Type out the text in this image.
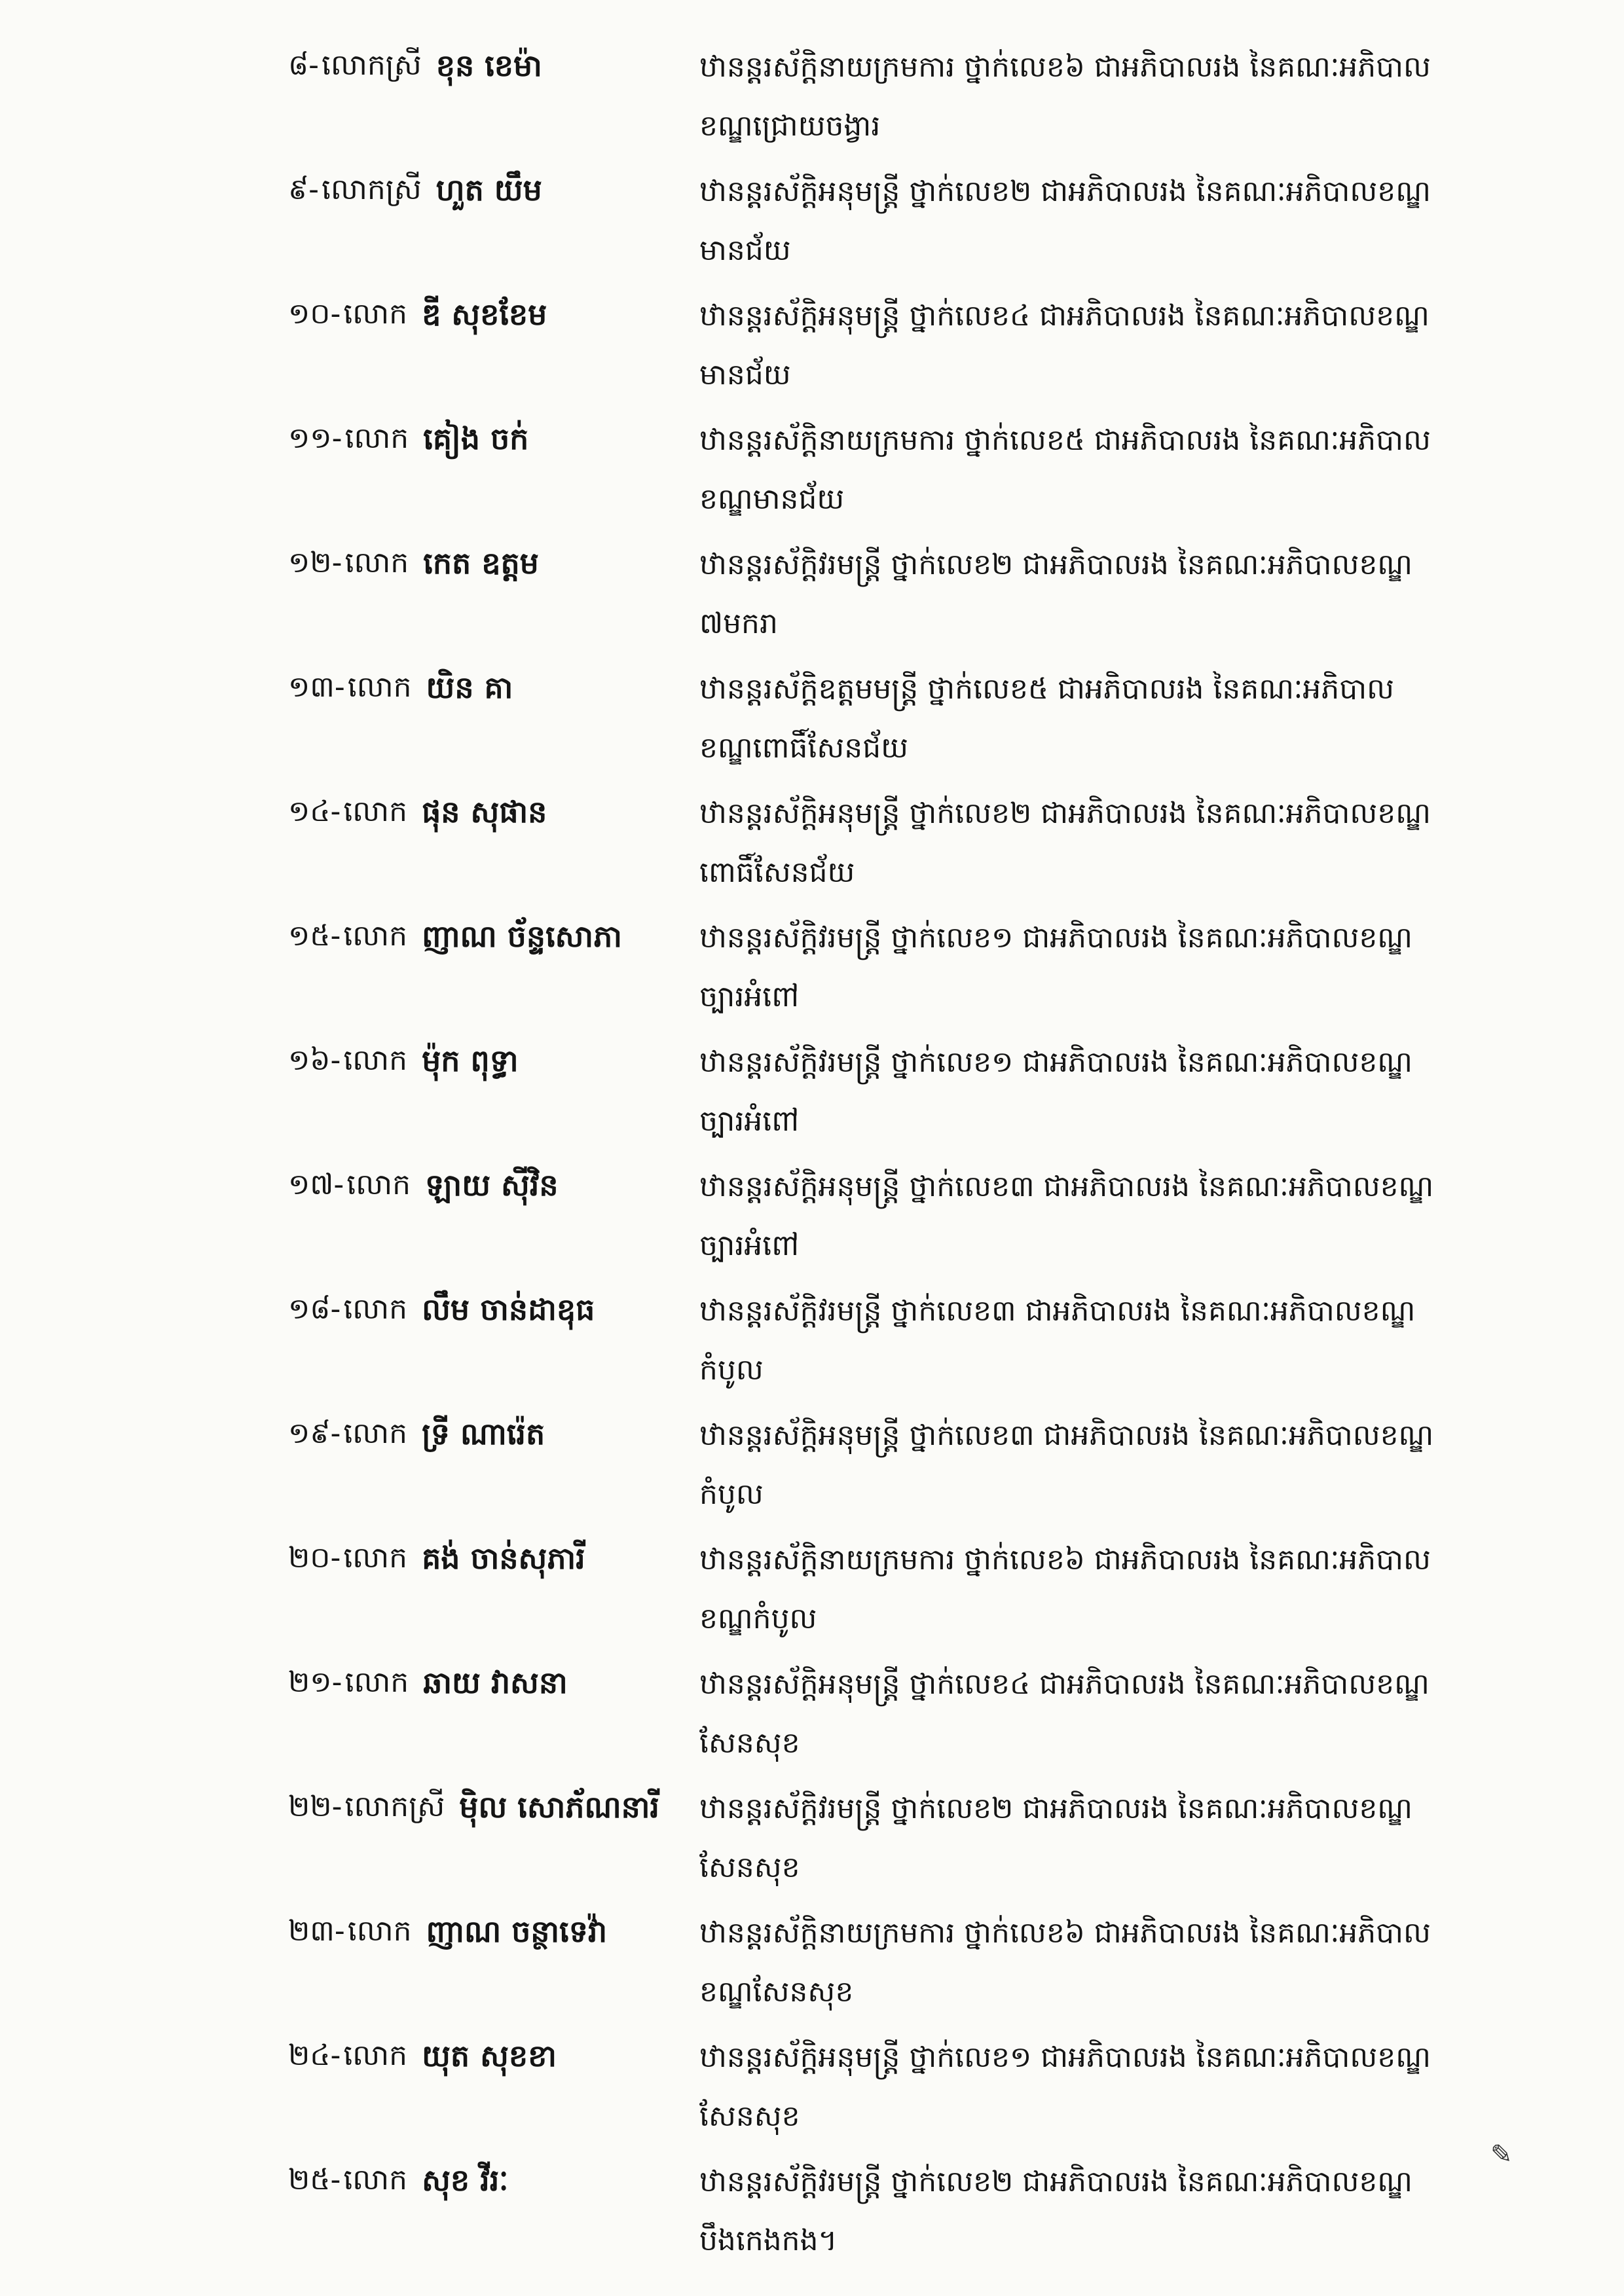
៨- លោកស្រី ខុន ខេម៉ា	ឋានន្តរស័ក្តិនាយក្រមការ ថ្នាក់លេខ៦ ជាអភិបាលរង នៃគណៈអភិបាល
ខណ្ឌជ្រោយចង្វារ
៩- លោកស្រី ហួត យឹម	ឋានន្តរស័ក្តិអនុមន្ត្រី ថ្នាក់លេខ២ ជាអភិបាលរង នៃគណៈអភិបាលខណ្ឌ
មានជ័យ
១០- លោក ឌី សុខខែម	ឋានន្តរស័ក្តិអនុមន្ត្រី ថ្នាក់លេខ៤ ជាអភិបាលរង នៃគណៈអភិបាលខណ្ឌ
មានជ័យ
១១- លោក គៀង ចក់	ឋានន្តរស័ក្តិនាយក្រមការ ថ្នាក់លេខ៥ ជាអភិបាលរង នៃគណៈអភិបាល
ខណ្ឌមានជ័យ
១២- លោក កេត ឧត្តម	ឋានន្តរស័ក្តិវរមន្ត្រី ថ្នាក់លេខ២ ជាអភិបាលរង នៃគណៈអភិបាលខណ្ឌ
៧មករា
១៣- លោក យិន គា	ឋានន្តរស័ក្តិឧត្តមមន្ត្រី ថ្នាក់លេខ៥ ជាអភិបាលរង នៃគណៈអភិបាល
ខណ្ឌពោធិ៍សែនជ័យ
១៤- លោក ផុន សុផាន	ឋានន្តរស័ក្តិអនុមន្ត្រី ថ្នាក់លេខ២ ជាអភិបាលរង នៃគណៈអភិបាលខណ្ឌ
ពោធិ៍សែនជ័យ
១៥- លោក ញាណ ច័ន្ទសោភា	ឋានន្តរស័ក្តិវរមន្ត្រី ថ្នាក់លេខ១ ជាអភិបាលរង នៃគណៈអភិបាលខណ្ឌ
ច្បារអំពៅ
១៦- លោក ម៉ុក ពុទ្ធា	ឋានន្តរស័ក្តិវរមន្ត្រី ថ្នាក់លេខ១ ជាអភិបាលរង នៃគណៈអភិបាលខណ្ឌ
ច្បារអំពៅ
១៧- លោក ឡាយ ស៊ីវិន	ឋានន្តរស័ក្តិអនុមន្ត្រី ថ្នាក់លេខ៣ ជាអភិបាលរង នៃគណៈអភិបាលខណ្ឌ
ច្បារអំពៅ
១៨- លោក លឹម ចាន់ដាឧុធ	ឋានន្តរស័ក្តិវរមន្ត្រី ថ្នាក់លេខ៣ ជាអភិបាលរង នៃគណៈអភិបាលខណ្ឌ
កំបូល
១៩- លោក ទ្រី ណារ៉េត	ឋានន្តរស័ក្តិអនុមន្ត្រី ថ្នាក់លេខ៣ ជាអភិបាលរង នៃគណៈអភិបាលខណ្ឌ
កំបូល
២០- លោក គង់ ចាន់សុភារី	ឋានន្តរស័ក្តិនាយក្រមការ ថ្នាក់លេខ៦ ជាអភិបាលរង នៃគណៈអភិបាល
ខណ្ឌកំបូល
២១- លោក ឆាយ វាសនា	ឋានន្តរស័ក្តិអនុមន្ត្រី ថ្នាក់លេខ៤ ជាអភិបាលរង នៃគណៈអភិបាលខណ្ឌ
សែនសុខ
២២- លោកស្រី ម៉ិល សោភ័ណនារី ឋានន្តរស័ក្តិវរមន្ត្រី ថ្នាក់លេខ២ ជាអភិបាលរង នៃគណៈអភិបាលខណ្ឌ
សែនសុខ
២៣- លោក ញាណ ចន្ថាទេវ៉ា	ឋានន្តរស័ក្តិនាយក្រមការ ថ្នាក់លេខ៦ ជាអភិបាលរង នៃគណៈអភិបាល
ខណ្ឌសែនសុខ
២៤- លោក យុត សុខខា	ឋានន្តរស័ក្តិអនុមន្ត្រី ថ្នាក់លេខ១ ជាអភិបាលរង នៃគណៈអភិបាលខណ្ឌ
សែនសុខ
២៥- លោក សុខ វីរៈ	ឋានន្តរស័ក្តិវរមន្ត្រី ថ្នាក់លេខ២ ជាអភិបាលរង នៃគណៈអភិបាលខណ្ឌ
បឹងកេងកង។
✎
